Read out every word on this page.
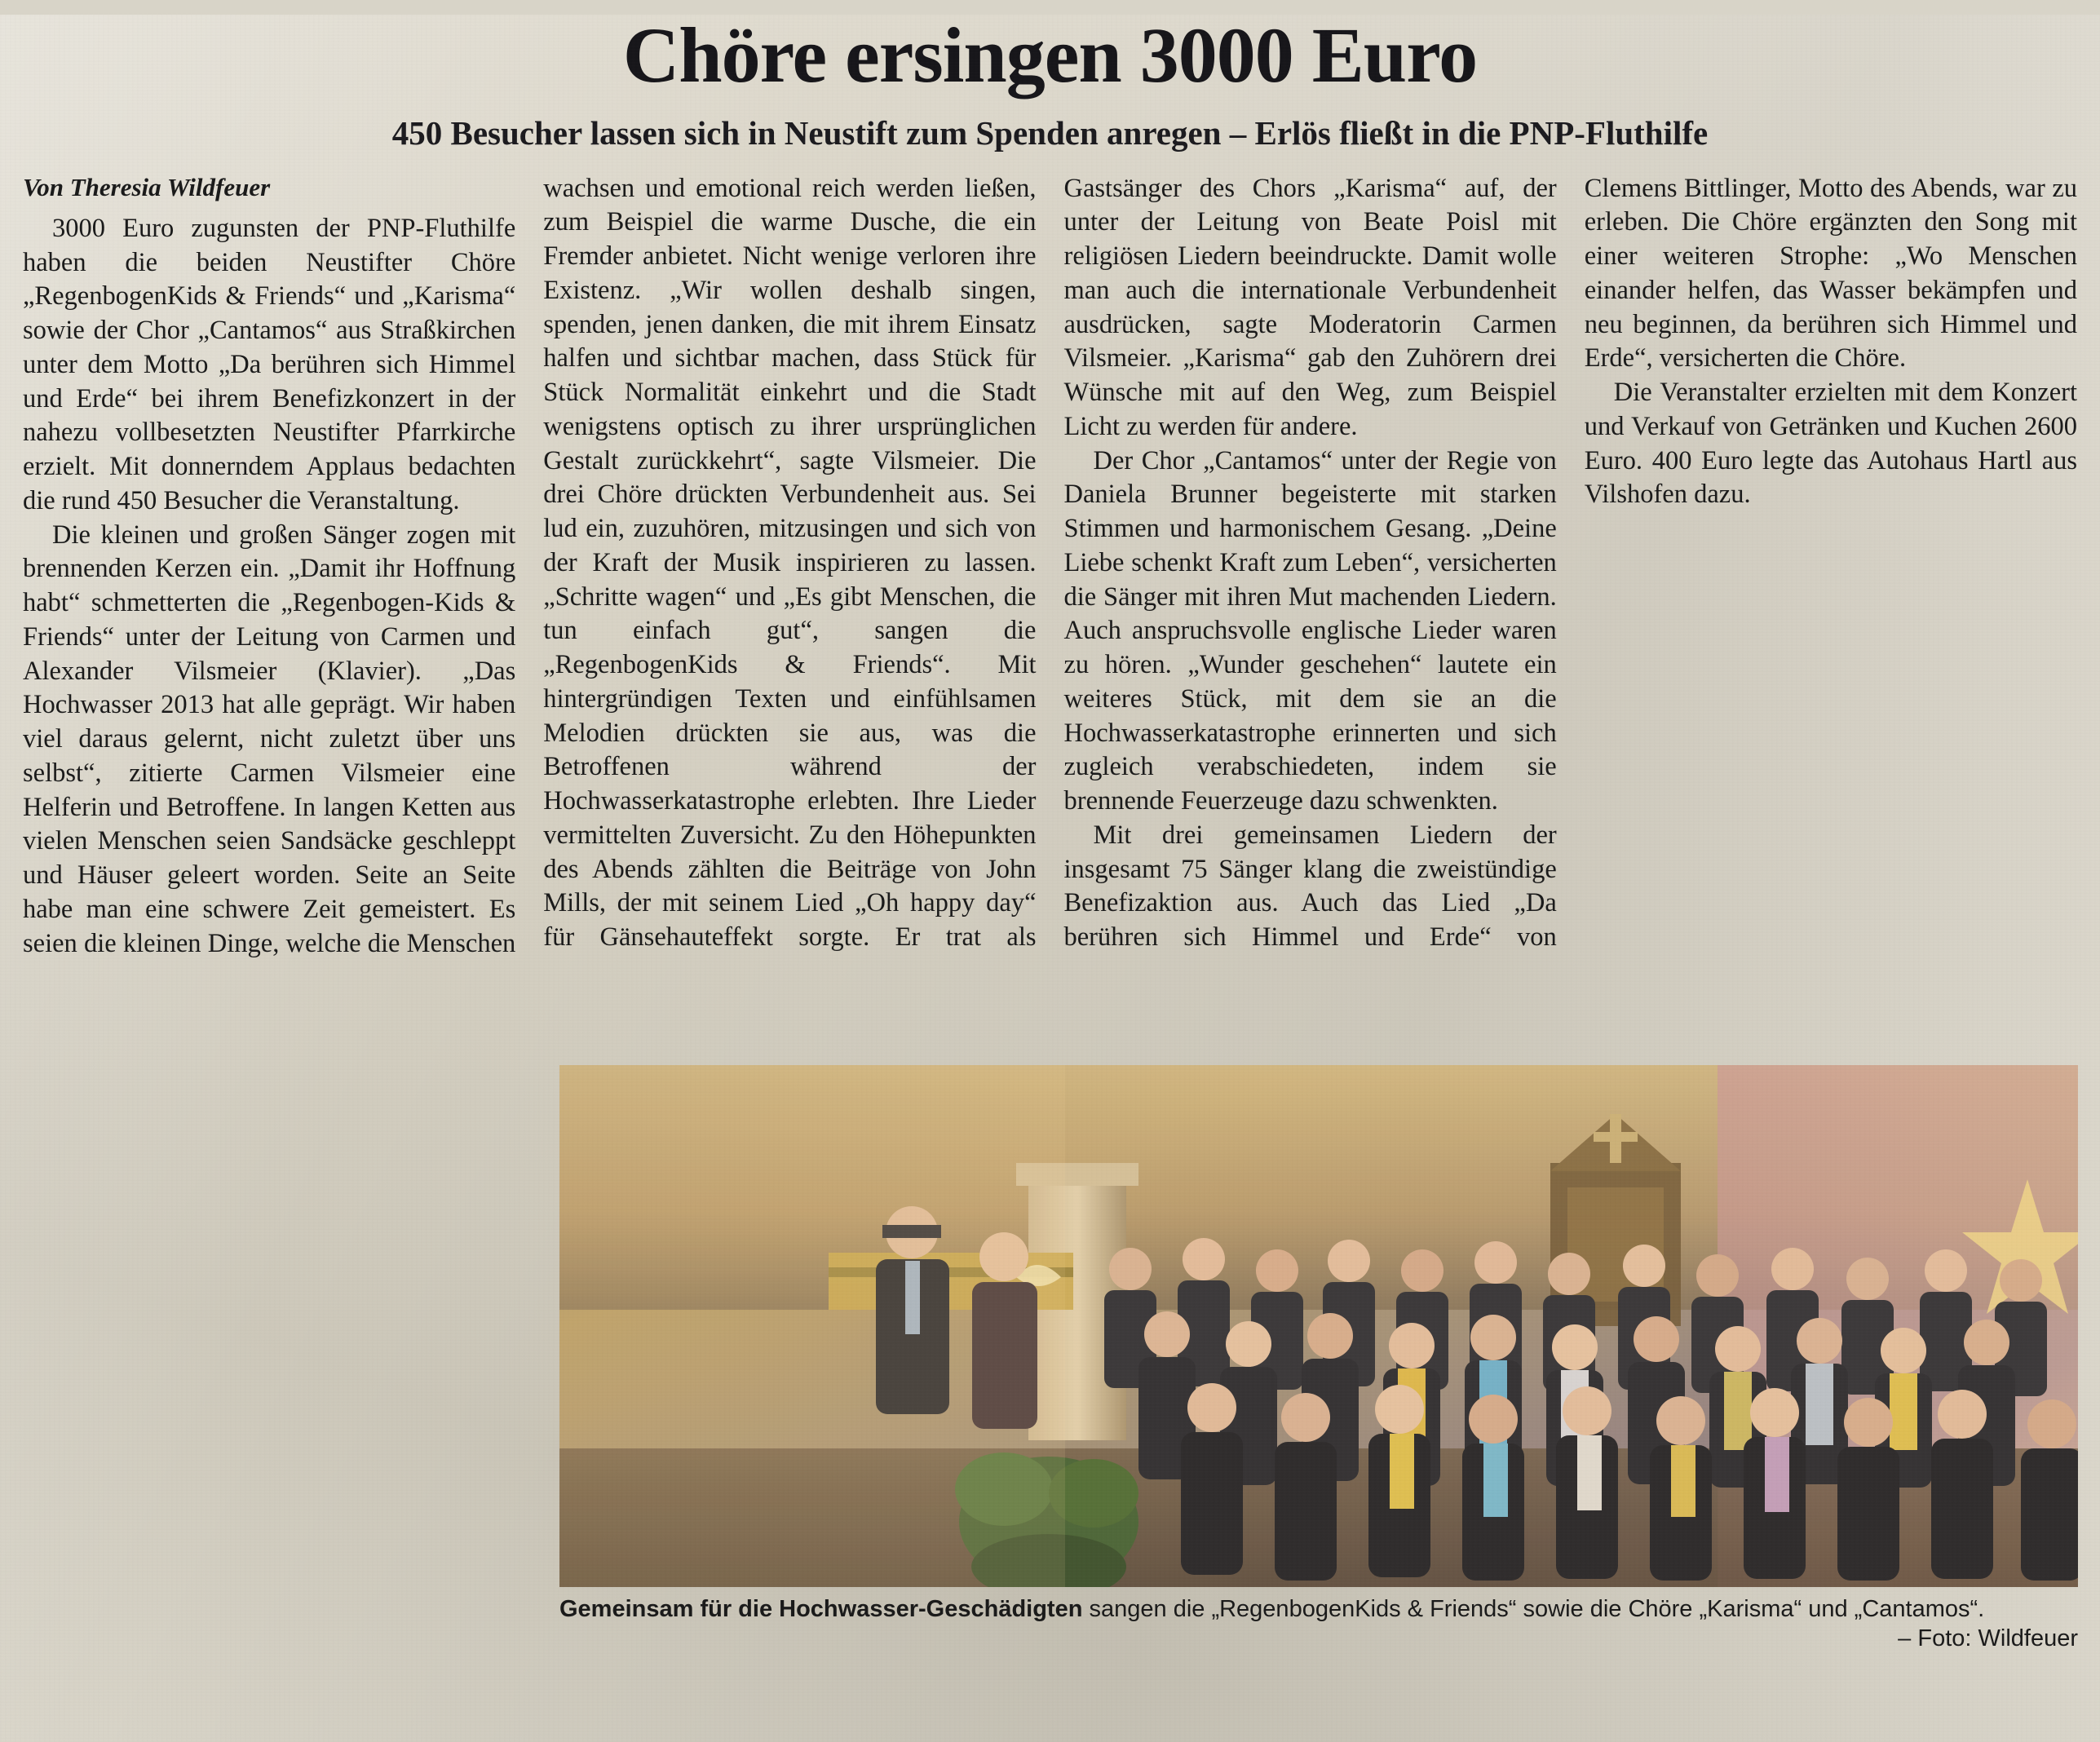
Chöre ersingen 3000 Euro
450 Besucher lassen sich in Neustift zum Spenden anregen – Erlös fließt in die PNP-Fluthilfe

Von Theresia Wildfeuer

3000 Euro zugunsten der PNP-Fluthilfe haben die beiden Neustifter Chöre „RegenbogenKids & Friends“ und „Karisma“ sowie der Chor „Cantamos“ aus Straßkirchen unter dem Motto „Da berühren sich Himmel und Erde“ bei ihrem Benefizkonzert in der nahezu vollbesetzten Neustifter Pfarrkirche erzielt. Mit donnerndem Applaus bedachten die rund 450 Besucher die Veranstaltung.

Die kleinen und großen Sänger zogen mit brennenden Kerzen ein. „Damit ihr Hoffnung habt“ schmetterten die „Regenbogen-Kids & Friends“ unter der Leitung von Carmen und Alexander Vilsmeier (Klavier). „Das Hochwasser 2013 hat alle geprägt. Wir haben viel daraus gelernt, nicht zuletzt über uns selbst“, zitierte Carmen Vilsmeier eine Helferin und Betroffene. In langen Ketten aus vielen Menschen seien Sandsäcke geschleppt und Häuser geleert worden. Seite an Seite habe man eine schwere Zeit gemeistert. Es seien die kleinen Dinge, welche die Menschen wachsen und emotional reich werden ließen, zum Beispiel die warme Dusche, die ein Fremder anbietet. Nicht wenige verloren ihre Existenz. „Wir wollen deshalb singen, spenden, jenen danken, die mit ihrem Einsatz halfen und sichtbar machen, dass Stück für Stück Normalität einkehrt und die Stadt wenigstens optisch zu ihrer ursprünglichen Gestalt zurückkehrt“, sagte Vilsmeier. Die drei Chöre drückten Verbundenheit aus. Sei lud ein, zuzuhören, mitzusingen und sich von der Kraft der Musik inspirieren zu lassen. „Schritte wagen“ und „Es gibt Menschen, die tun einfach gut“, sangen die „RegenbogenKids & Friends“. Mit hintergründigen Texten und einfühlsamen Melodien drückten sie aus, was die Betroffenen während der Hochwasserkatastrophe erlebten. Ihre Lieder vermittelten Zuversicht. Zu den Höhepunkten des Abends zählten die Beiträge von John Mills, der mit seinem Lied „Oh happy day“ für Gänsehauteffekt sorgte. Er trat als Gastsänger des Chors „Karisma“ auf, der unter der Leitung von Beate Poisl mit religiösen Liedern beeindruckte. Damit wolle man auch die internationale Verbundenheit ausdrücken, sagte Moderatorin Carmen Vilsmeier. „Karisma“ gab den Zuhörern drei Wünsche mit auf den Weg, zum Beispiel Licht zu werden für andere.

Der Chor „Cantamos“ unter der Regie von Daniela Brunner begeisterte mit starken Stimmen und harmonischem Gesang. „Deine Liebe schenkt Kraft zum Leben“, versicherten die Sänger mit ihren Mut machenden Liedern. Auch anspruchsvolle englische Lieder waren zu hören. „Wunder geschehen“ lautete ein weiteres Stück, mit dem sie an die Hochwasserkatastrophe erinnerten und sich zugleich verabschiedeten, indem sie brennende Feuerzeuge dazu schwenkten.

Mit drei gemeinsamen Liedern der insgesamt 75 Sänger klang die zweistündige Benefizaktion aus. Auch das Lied „Da berühren sich Himmel und Erde“ von Clemens Bittlinger, Motto des Abends, war zu erleben. Die Chöre ergänzten den Song mit einer weiteren Strophe: „Wo Menschen einander helfen, das Wasser bekämpfen und neu beginnen, da berühren sich Himmel und Erde“, versicherten die Chöre.

Die Veranstalter erzielten mit dem Konzert und Verkauf von Getränken und Kuchen 2600 Euro. 400 Euro legte das Autohaus Hartl aus Vilshofen dazu.

Gemeinsam für die Hochwasser-Geschädigten sangen die „RegenbogenKids & Friends“ sowie die Chöre „Karisma“ und „Cantamos“.
– Foto: Wildfeuer
